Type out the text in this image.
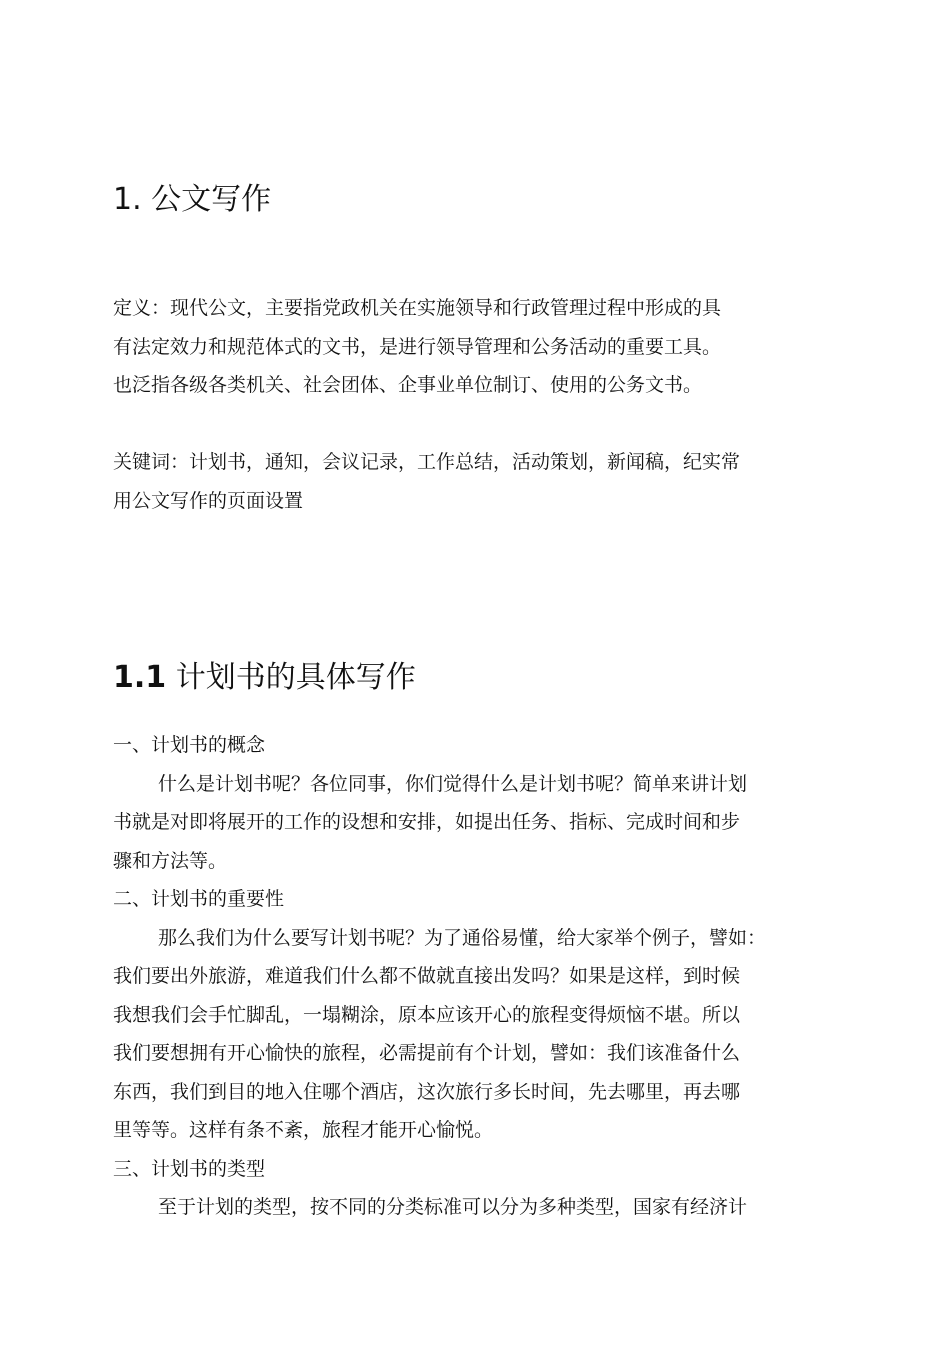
1. 公文写作
定义：现代公文，主要指党政机关在实施领导和行政管理过程中形成的具
有法定效力和规范体式的文书，是进行领导管理和公务活动的重要工具。
也泛指各级各类机关、社会团体、企事业单位制订、使用的公务文书。
关键词：计划书，通知，会议记录，工作总结，活动策划，新闻稿，纪实常
用公文写作的页面设置
1.1 计划书的具体写作
一、计划书的概念
什么是计划书呢？各位同事，你们觉得什么是计划书呢？简单来讲计划
书就是对即将展开的工作的设想和安排，如提出任务、指标、完成时间和步
骤和方法等。
二、计划书的重要性
那么我们为什么要写计划书呢？为了通俗易懂，给大家举个例子，譬如：
我们要出外旅游，难道我们什么都不做就直接出发吗？如果是这样，到时候
我想我们会手忙脚乱，一塌糊涂，原本应该开心的旅程变得烦恼不堪。所以
我们要想拥有开心愉快的旅程，必需提前有个计划，譬如：我们该准备什么
东西，我们到目的地入住哪个酒店，这次旅行多长时间，先去哪里，再去哪
里等等。这样有条不紊，旅程才能开心愉悦。
三、计划书的类型
至于计划的类型，按不同的分类标准可以分为多种类型，国家有经济计
